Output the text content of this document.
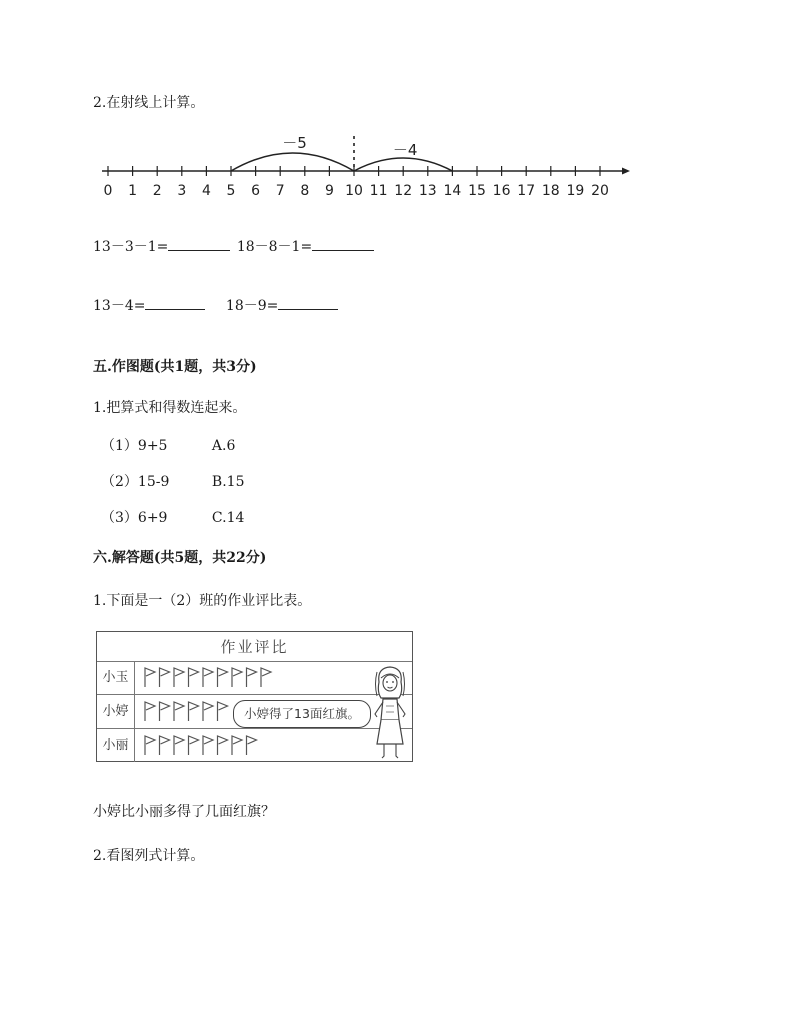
2.在射线上计算。
0 1 2 3 4 5 6 7 8 9 10 11 12 13 14 15 16 17 18 19 20
－5	－4
13－3－1=	18－8－1=
13－4=	18－9=
五.作图题(共1题，共3分)
1.把算式和得数连起来。
（1）9+5	A.6
（2）15-9	B.15
（3）6+9	C.14
六.解答题(共5题，共22分)
1.下面是一（2）班的作业评比表。
作业评比
小玉
小婷
小丽
小婷得了13面红旗。
小婷比小丽多得了几面红旗？
2.看图列式计算。
